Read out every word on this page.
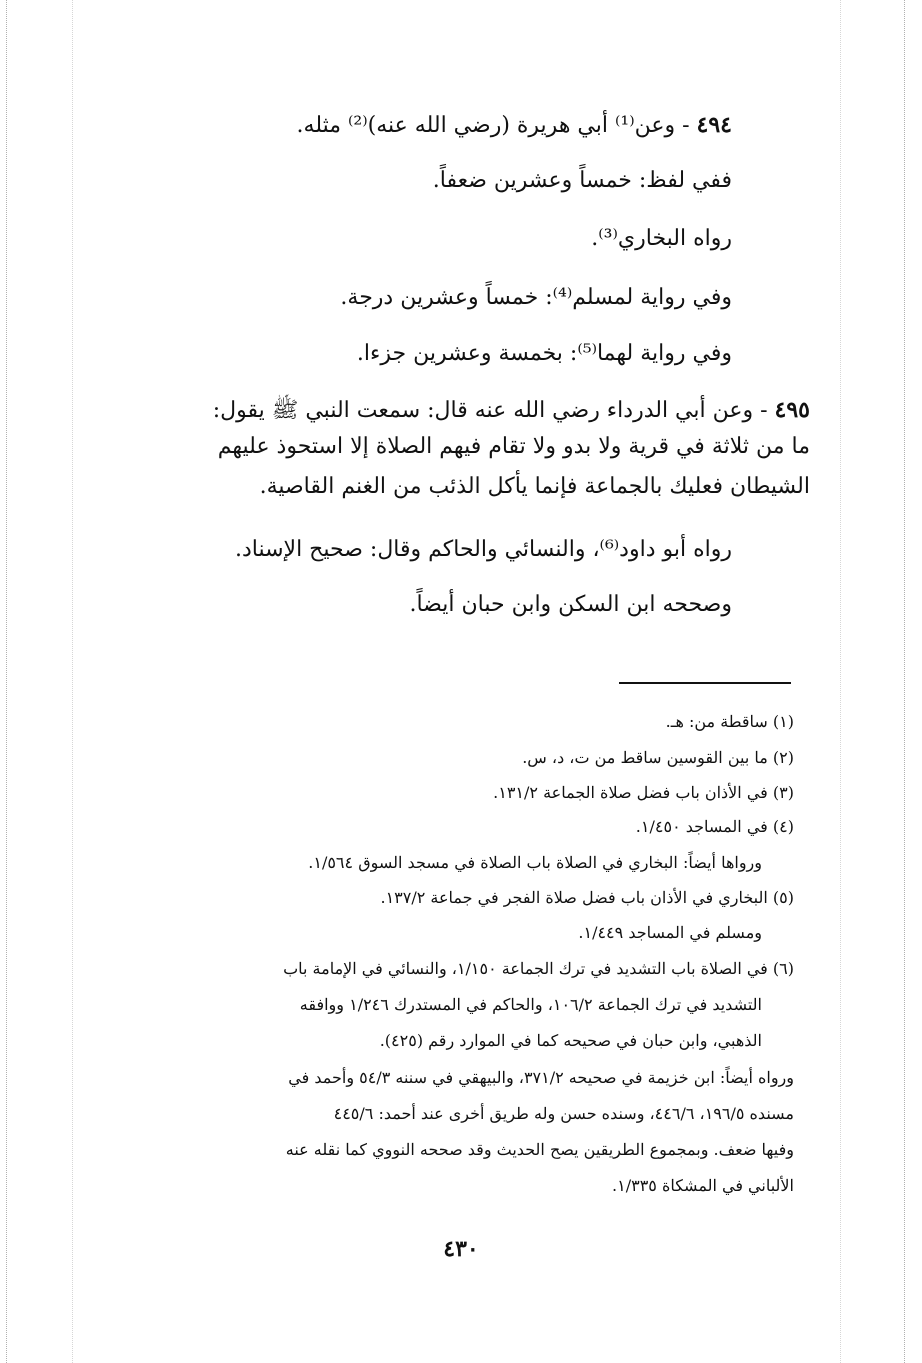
٤٩٤ - وعن⁽¹⁾ أبي هريرة (رضي الله عنه)⁽²⁾ مثله.
ففي لفظ: خمساً وعشرين ضعفاً.
رواه البخاري⁽³⁾.
وفي رواية لمسلم⁽⁴⁾: خمساً وعشرين درجة.
وفي رواية لهما⁽⁵⁾: بخمسة وعشرين جزءا.
٤٩٥ - وعن أبي الدرداء رضي الله عنه قال: سمعت النبي ﷺ يقول:
ما من ثلاثة في قرية ولا بدو ولا تقام فيهم الصلاة إلا استحوذ عليهم
الشيطان فعليك بالجماعة فإنما يأكل الذئب من الغنم القاصية.
رواه أبو داود⁽⁶⁾، والنسائي والحاكم وقال: صحيح الإسناد.
وصححه ابن السكن وابن حبان أيضاً.
(١) ساقطة من: هـ.
(٢) ما بين القوسين ساقط من ت، د، س.
(٣) في الأذان باب فضل صلاة الجماعة ١٣١/٢.
(٤) في المساجد ١/٤٥٠.
ورواها أيضاً: البخاري في الصلاة باب الصلاة في مسجد السوق ١/٥٦٤.
(٥) البخاري في الأذان باب فضل صلاة الفجر في جماعة ١٣٧/٢.
ومسلم في المساجد ١/٤٤٩.
(٦) في الصلاة باب التشديد في ترك الجماعة ١/١٥٠، والنسائي في الإمامة باب
التشديد في ترك الجماعة ١٠٦/٢، والحاكم في المستدرك ١/٢٤٦ ووافقه
الذهبي، وابن حبان في صحيحه كما في الموارد رقم (٤٢٥).
ورواه أيضاً: ابن خزيمة في صحيحه ٣٧١/٢، والبيهقي في سننه ٥٤/٣ وأحمد في
مسنده ١٩٦/٥، ٤٤٦/٦، وسنده حسن وله طريق أخرى عند أحمد: ٤٤٥/٦
وفيها ضعف. وبمجموع الطريقين يصح الحديث وقد صححه النووي كما نقله عنه
الألباني في المشكاة ١/٣٣٥.
٤٣٠
